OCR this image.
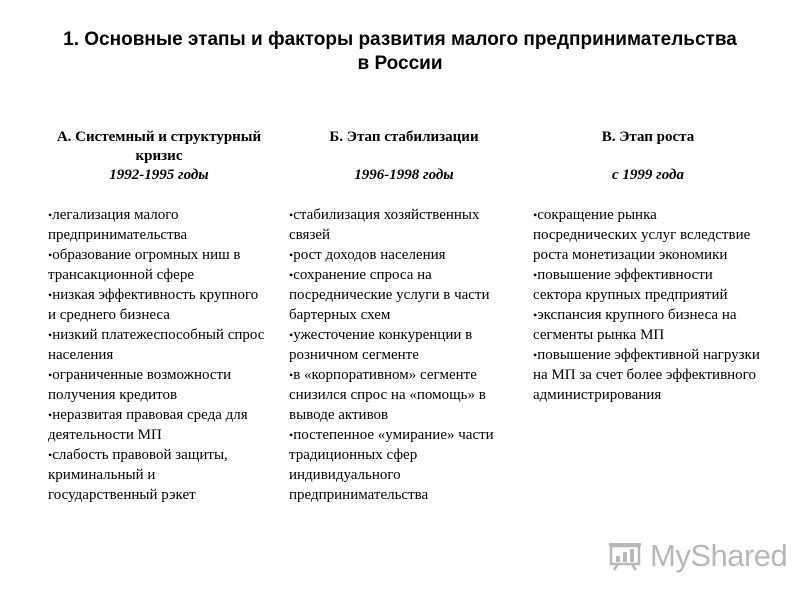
1. Основные этапы и факторы развития малого предпринимательства в России
А. Системный и структурный кризис
1992-1995 годы
• легализация малого предпринимательства
• образование огромных ниш в трансакционной сфере
• низкая эффективность крупного и среднего бизнеса
• низкий платежеспособный спрос населения
• ограниченные возможности получения кредитов
• неразвитая правовая среда для деятельности МП
• слабость правовой защиты, криминальный и государственный рэкет
Б. Этап стабилизации
1996-1998 годы
• стабилизация хозяйственных связей
• рост доходов населения
• сохранение спроса на посреднические услуги в части бартерных схем
• ужесточение конкуренции в розничном сегменте
• в «корпоративном» сегменте снизился спрос на «помощь» в выводе активов
• постепенное «умирание» части традиционных сфер индивидуального предпринимательства
В. Этап роста
с 1999 года
• сокращение рынка посреднических услуг вследствие роста монетизации экономики
• повышение эффективности сектора крупных предприятий
• экспансия крупного бизнеса на сегменты рынка МП
• повышение эффективной нагрузки на МП за счет более эффективного администрирования
MyShared
